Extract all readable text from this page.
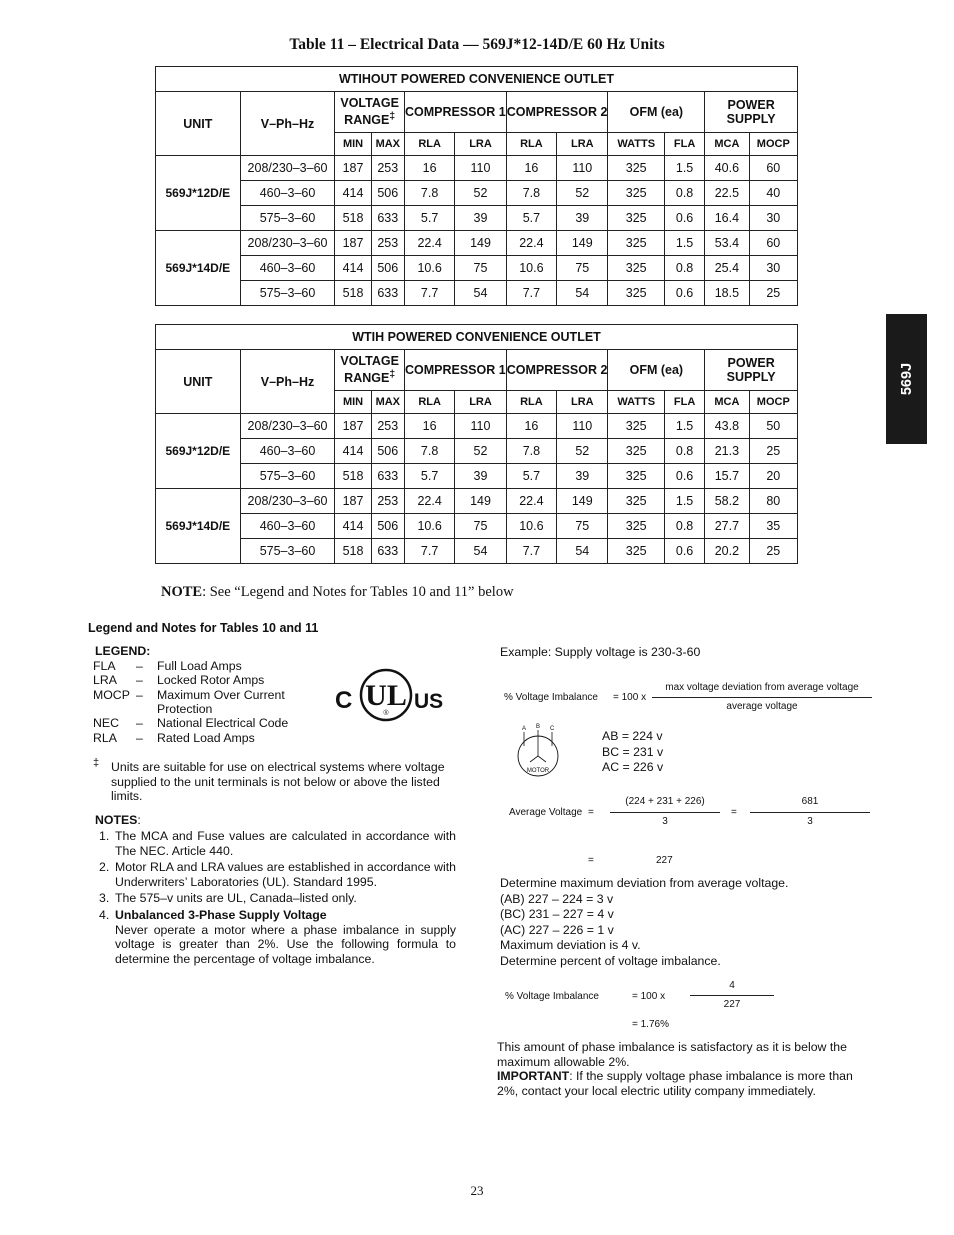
Table 11 – Electrical Data — 569J*12-14D/E 60 Hz Units
WTIHOUT POWERED CONVENIENCE OUTLET											
UNIT	V–Ph–Hz	VOLTAGE RANGE‡		COMPRESSOR 1		COMPRESSOR 2		OFM (ea)		POWER SUPPLY	
		MIN	MAX	RLA	LRA	RLA	LRA	WATTS	FLA	MCA	MOCP
569J*12D/E	208/230–3–60	187	253	16	110	16	110	325	1.5	40.6	60
	460–3–60	414	506	7.8	52	7.8	52	325	0.8	22.5	40
	575–3–60	518	633	5.7	39	5.7	39	325	0.6	16.4	30
569J*14D/E	208/230–3–60	187	253	22.4	149	22.4	149	325	1.5	53.4	60
	460–3–60	414	506	10.6	75	10.6	75	325	0.8	25.4	30
	575–3–60	518	633	7.7	54	7.7	54	325	0.6	18.5	25
WTIH POWERED CONVENIENCE OUTLET											
UNIT	V–Ph–Hz	VOLTAGE RANGE‡		COMPRESSOR 1		COMPRESSOR 2		OFM (ea)		POWER SUPPLY	
		MIN	MAX	RLA	LRA	RLA	LRA	WATTS	FLA	MCA	MOCP
569J*12D/E	208/230–3–60	187	253	16	110	16	110	325	1.5	43.8	50
	460–3–60	414	506	7.8	52	7.8	52	325	0.8	21.3	25
	575–3–60	518	633	5.7	39	5.7	39	325	0.6	15.7	20
569J*14D/E	208/230–3–60	187	253	22.4	149	22.4	149	325	1.5	58.2	80
	460–3–60	414	506	10.6	75	10.6	75	325	0.8	27.7	35
	575–3–60	518	633	7.7	54	7.7	54	325	0.6	20.2	25
569J
NOTE: See “Legend and Notes for Tables 10 and 11” below
Legend and Notes for Tables 10 and 11
LEGEND:
FLA – Full Load Amps
LRA – Locked Rotor Amps
MOCP – Maximum Over Current
Protection
NEC – National Electrical Code
RLA – Rated Load Amps
C UL
®
US
‡ Units are suitable for use on electrical systems where voltage supplied to the unit terminals is not below or above the listed limits.
NOTES:
1. The MCA and Fuse values are calculated in accordance with The NEC. Article 440.
2. Motor RLA and LRA values are established in accordance with Underwriters’ Laboratories (UL). Standard 1995.
3. The 575–v units are UL, Canada–listed only.
4. Unbalanced 3-Phase Supply Voltage
Never operate a motor where a phase imbalance in supply voltage is greater than 2%. Use the following formula to determine the percentage of voltage imbalance.
Example: Supply voltage is 230-3-60
% Voltage Imbalance = 100 x
max voltage deviation from average voltage
average voltage
A B C
MOTOR
AB = 224 v
BC = 231 v
AC = 226 v
Average Voltage =
(224 + 231 + 226)
3
=
681
3
=	227
Determine maximum deviation from average voltage.
(AB) 227 – 224 = 3 v
(BC) 231 – 227 = 4 v
(AC) 227 – 226 = 1 v
Maximum deviation is 4 v.
Determine percent of voltage imbalance.
% Voltage Imbalance	= 100 x
4
227
= 1.76%
This amount of phase imbalance is satisfactory as it is below the maximum allowable 2%.
IMPORTANT: If the supply voltage phase imbalance is more than 2%, contact your local electric utility company immediately.
23
